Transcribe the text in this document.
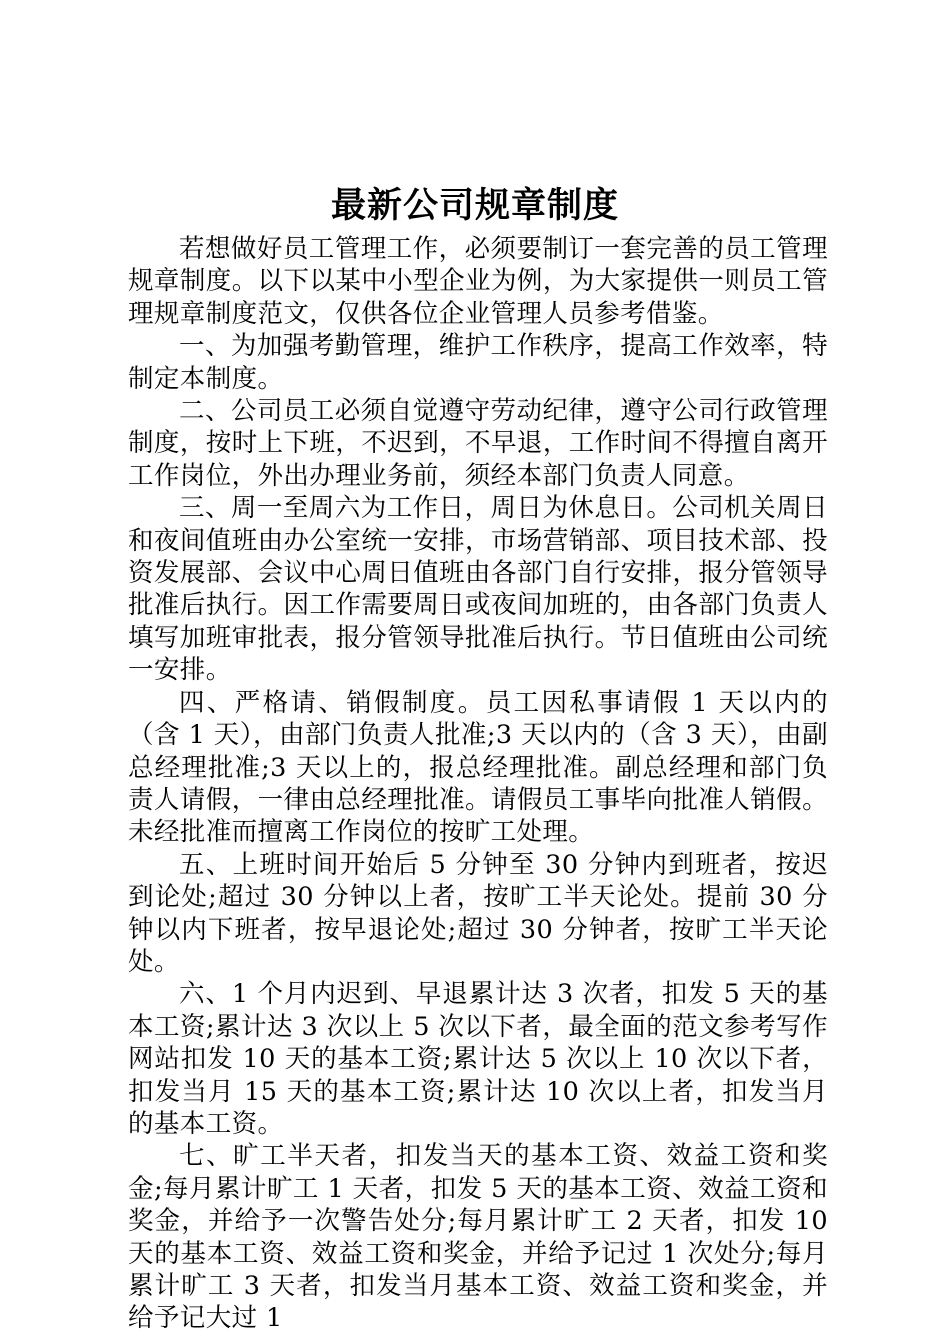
最新公司规章制度

若想做好员工管理工作，必须要制订一套完善的员工管理规章制度。以下以某中小型企业为例，为大家提供一则员工管理规章制度范文，仅供各位企业管理人员参考借鉴。

一、为加强考勤管理，维护工作秩序，提高工作效率，特制定本制度。

二、公司员工必须自觉遵守劳动纪律，遵守公司行政管理制度，按时上下班，不迟到，不早退，工作时间不得擅自离开工作岗位，外出办理业务前，须经本部门负责人同意。

三、周一至周六为工作日，周日为休息日。公司机关周日和夜间值班由办公室统一安排，市场营销部、项目技术部、投资发展部、会议中心周日值班由各部门自行安排，报分管领导批准后执行。因工作需要周日或夜间加班的，由各部门负责人填写加班审批表，报分管领导批准后执行。节日值班由公司统一安排。

四、严格请、销假制度。员工因私事请假 1 天以内的（含 1 天），由部门负责人批准;3 天以内的（含 3 天），由副总经理批准;3 天以上的，报总经理批准。副总经理和部门负责人请假，一律由总经理批准。请假员工事毕向批准人销假。未经批准而擅离工作岗位的按旷工处理。

五、上班时间开始后 5 分钟至 30 分钟内到班者，按迟到论处;超过 30 分钟以上者，按旷工半天论处。提前 30 分钟以内下班者，按早退论处;超过 30 分钟者，按旷工半天论处。

六、1 个月内迟到、早退累计达 3 次者，扣发 5 天的基本工资;累计达 3 次以上 5 次以下者，最全面的范文参考写作网站扣发 10 天的基本工资;累计达 5 次以上 10 次以下者，扣发当月 15 天的基本工资;累计达 10 次以上者，扣发当月的基本工资。

七、旷工半天者，扣发当天的基本工资、效益工资和奖金;每月累计旷工 1 天者，扣发 5 天的基本工资、效益工资和奖金，并给予一次警告处分;每月累计旷工 2 天者，扣发 10 天的基本工资、效益工资和奖金，并给予记过 1 次处分;每月累计旷工 3 天者，扣发当月基本工资、效益工资和奖金，并给予记大过 1
